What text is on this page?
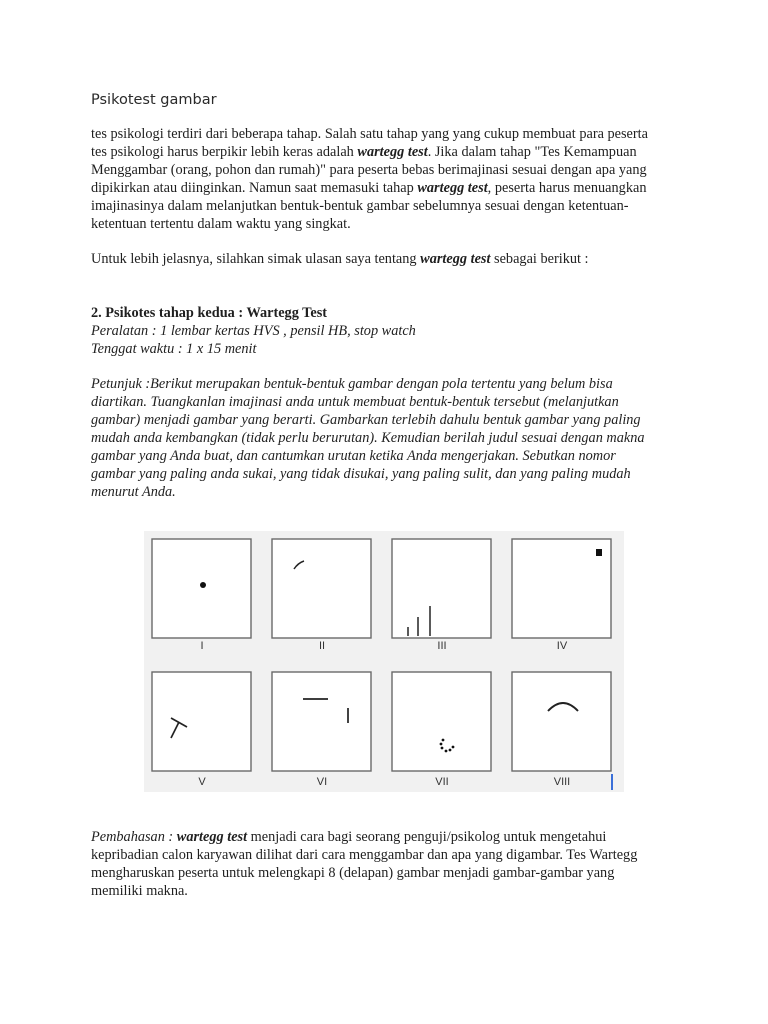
Psikotest gambar
tes psikologi terdiri dari beberapa tahap. Salah satu tahap yang yang cukup membuat para peserta
tes psikologi harus berpikir lebih keras adalah wartegg test. Jika dalam tahap "Tes Kemampuan
Menggambar (orang, pohon dan rumah)" para peserta bebas berimajinasi sesuai dengan apa yang
dipikirkan atau diinginkan. Namun saat memasuki tahap wartegg test, peserta harus menuangkan
imajinasinya dalam melanjutkan bentuk-bentuk gambar sebelumnya sesuai dengan ketentuan-
ketentuan tertentu dalam waktu yang singkat.
Untuk lebih jelasnya, silahkan simak ulasan saya tentang wartegg test sebagai berikut :
2. Psikotes tahap kedua : Wartegg Test
Peralatan : 1 lembar kertas HVS , pensil HB, stop watch
Tenggat waktu : 1 x 15 menit
Petunjuk :Berikut merupakan bentuk-bentuk gambar dengan pola tertentu yang belum bisa
diartikan. Tuangkanlan imajinasi anda untuk membuat bentuk-bentuk tersebut (melanjutkan
gambar) menjadi gambar yang berarti. Gambarkan terlebih dahulu bentuk gambar yang paling
mudah anda kembangkan (tidak perlu berurutan). Kemudian berilah judul sesuai dengan makna
gambar yang Anda buat, dan cantumkan urutan ketika Anda mengerjakan. Sebutkan nomor
gambar yang paling anda sukai, yang tidak disukai, yang paling sulit, dan yang paling mudah
menurut Anda.
I	II	III	IV
V	VI	VII	VIII
Pembahasan : wartegg test menjadi cara bagi seorang penguji/psikolog untuk mengetahui
kepribadian calon karyawan dilihat dari cara menggambar dan apa yang digambar. Tes Wartegg
mengharuskan peserta untuk melengkapi 8 (delapan) gambar menjadi gambar-gambar yang
memiliki makna.
